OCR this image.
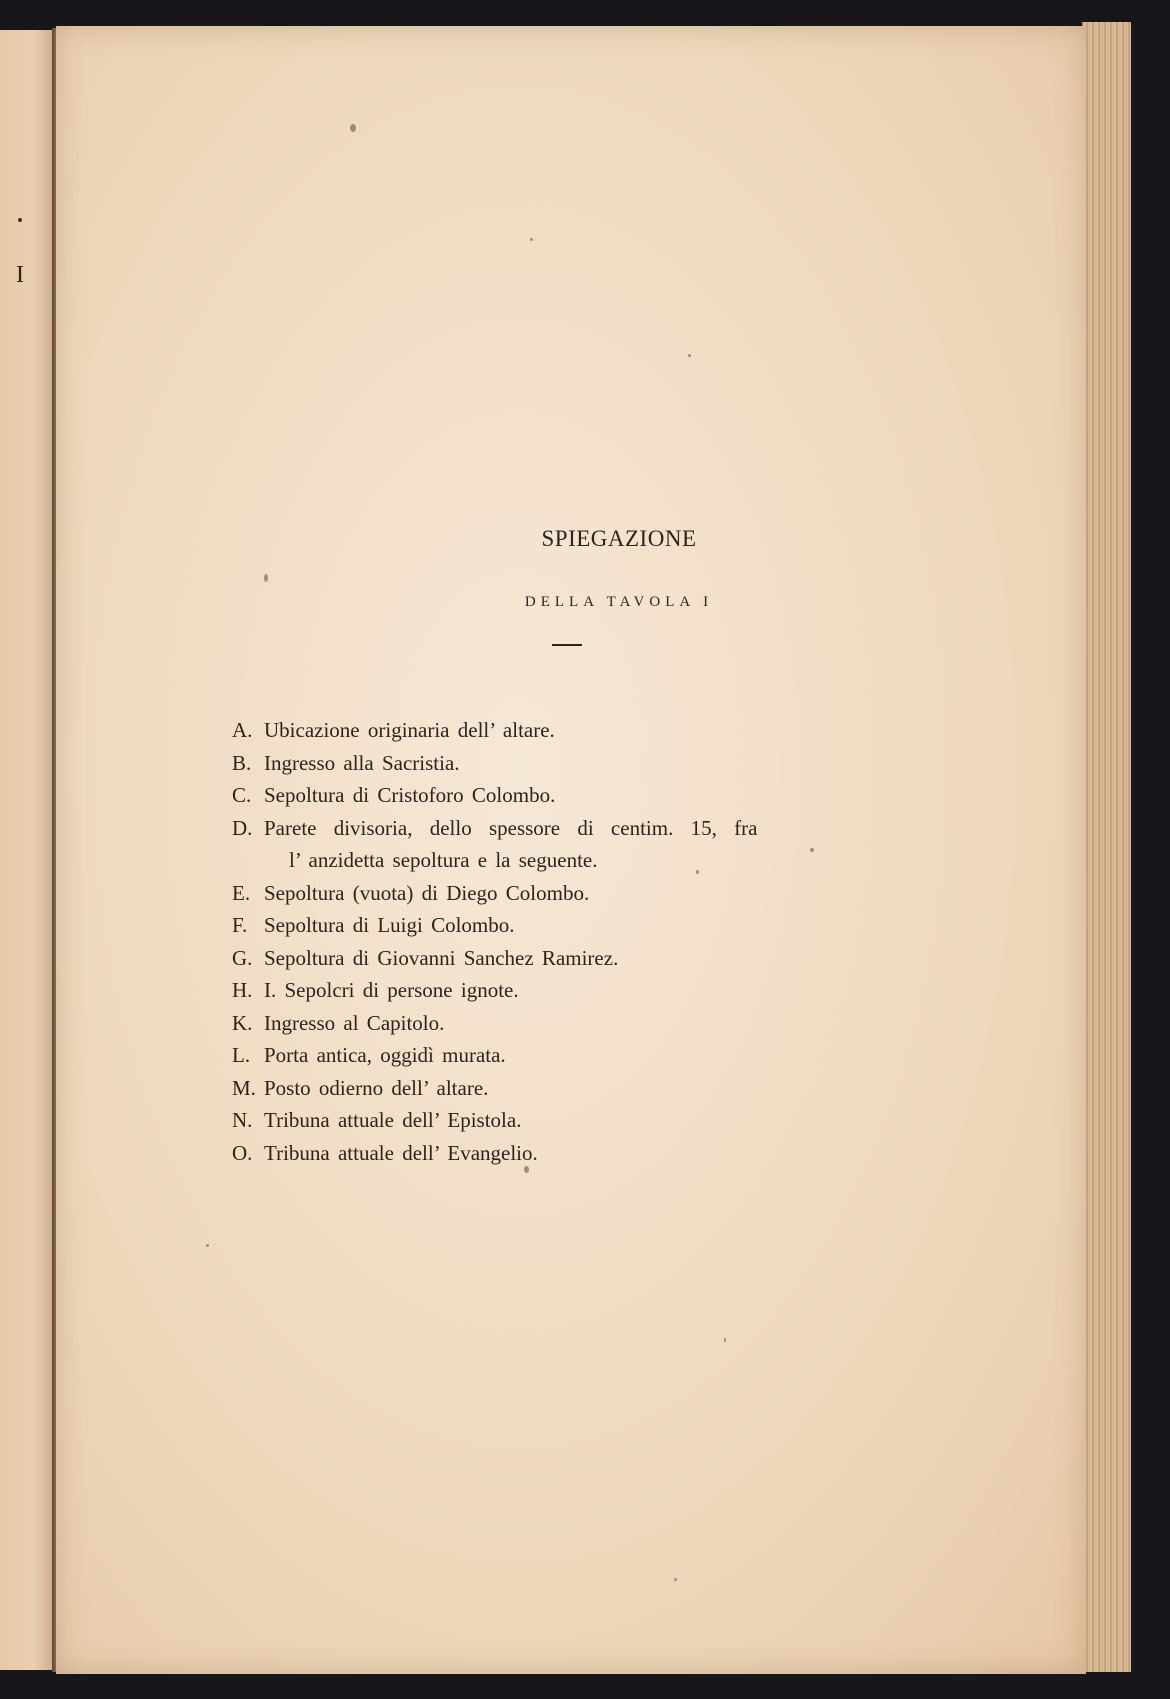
I
SPIEGAZIONE
DELLA TAVOLA I
A. Ubicazione originaria dell’ altare.
B. Ingresso alla Sacristia.
C. Sepoltura di Cristoforo Colombo.
D. Parete divisoria, dello spessore di centim. 15, fra
l’ anzidetta sepoltura e la seguente.
E. Sepoltura (vuota) di Diego Colombo.
F. Sepoltura di Luigi Colombo.
G. Sepoltura di Giovanni Sanchez Ramirez.
H. I. Sepolcri di persone ignote.
K. Ingresso al Capitolo.
L. Porta antica, oggidì murata.
M. Posto odierno dell’ altare.
N. Tribuna attuale dell’ Epistola.
O. Tribuna attuale dell’ Evangelio.
